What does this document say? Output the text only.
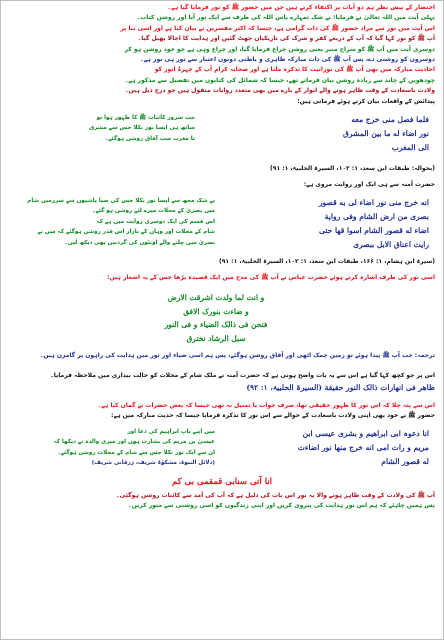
اختصار کے پیش نظر ہم دو آیات پر اکتفاء کرتے ہیں جن میں حضور ﷺ کو نور فرمایا گیا ہے۔

پہلی آیت میں اللہ تعالیٰ نے فرمایا: بے شک تمہارے پاس اللہ کی طرف سے ایک نور آیا اور روشن کتاب۔

اس آیت میں نور سے مراد حضور ﷺ کی ذات گرامی ہے، جیسا کہ اکثر مفسرین نے بیان کیا ہے اور اسی بنا پر

آپ ﷺ کو نور کہا گیا کہ آپ کے ذریعے کفر و شرک کی تاریکیاں چھٹ گئیں اور ہدایت کا اجالا پھیل گیا۔

دوسری آیت میں آپ ﷺ کو سراج منیر یعنی روشن چراغ فرمایا گیا، اور چراغ وہی ہے جو خود روشن ہو کر

دوسروں کو روشنی دے، پس آپ ﷺ کی ذات مبارکہ ظاہری و باطنی دونوں اعتبار سے نور ہی نور ہے۔

احادیث مبارکہ میں بھی آپ ﷺ کی نورانیت کا تذکرہ ملتا ہے اور صحابہ کرام آپ کے چہرۂ انور کو

چودھویں کے چاند سے زیادہ روشن بیان فرماتے تھے، جیسا کہ شمائل کی کتابوں میں تفصیل سے مذکور ہے۔

ولادت باسعادت کے وقت ظاہر ہونے والے انوار کے بارے میں بھی متعدد روایات منقول ہیں جو درج ذیل ہیں۔

پیدائش کے واقعات بیان کرتے ہوئے فرماتی ہیں:

جب سرور کائنات ﷺ کا ظہور ہوا تو
ساتھ ہی ایسا نور نکلا جس سے مشرق
تا مغرب سب آفاق روشن ہوگئے۔
فلما فصل منی خرج معه
نور اضاء له ما بین المشرق
الی المغرب

(بحوالہ: طبقات ابن سعد، ۱: ۱۰۲، السیرۃ الحلبیۃ، ۱: ۹۱)

حضرت آمنہ سے ہی ایک اور روایت مروی ہے:

بے شک مجھ سے ایسا نور نکلا جس کی ضیا پاشیوں سے سرزمین شام
میں بصریٰ کے محلات میرے لئے روشن ہو گئے۔
اس قسم کی ایک دوسری روایت میں ہے کہ
شام کے محلات اور وہاں کے بازار اس قدر روشن ہوگئے کہ میں نے
بصریٰ میں چلنے والے اونٹوں کی گردنیں بھی دیکھ لیں۔
انه خرج منی نور اضاء لی به قصور
بصری من ارض الشام وفی روایة
اضاء له قصور الشام اسوا قها حتی
رایت اعناق الابل ببصری

(سیرۃ ابن ہشام، ۱: ۱۶۶، طبقات ابن سعد، ۱: ۱۰۲، السیرۃ الحلبیۃ، ۱: ۹۱)

اسی نور کی طرف اشارہ کرتے ہوئے حضرت عباس نے آپ ﷺ کی مدح میں ایک قصیدہ پڑھا جس کے یہ اشعار ہیں:

و انت لما ولدت اشرقت الارض
و ضاءت بنورک الافق
فنحن فی ذالک الضیاء و فی النور
سبل الرشاد نخترق

ترجمہ: جب آپ ﷺ پیدا ہوئے تو زمین چمک اٹھی اور آفاق روشن ہوگئے، پس ہم اسی ضیاء اور نور میں ہدایت کی راہوں پر گامزن ہیں۔

اس پر جو کچھ کہا گیا ہے اس سے یہ بات واضح ہوتی ہے کہ حضرت آمنہ نے ملک شام کے محلات کو حالت بیداری میں ملاحظہ فرمایا۔

ظاهر فی انهارات ذالک النور حقيقة (السیرۃ الحلبیۃ، ۱: ۹۲)

اس سے پتہ چلا کہ اس نور کا ظہور حقیقی تھا، صرف خواب یا تمثیل نہ تھی جیسا کہ بعض حضرات نے گمان کیا ہے۔

حضور ﷺ نے خود بھی اپنی ولادت باسعادت کے حوالے سے اس نور کا تذکرہ فرمایا جیسا کہ حدیث مبارکہ میں ہے:

میں اپنے باپ ابراہیم کی دعا اور
عیسیٰ بن مریم کی بشارت ہوں اور میری والدہ نے دیکھا کہ
ان سے ایک نور نکلا جس سے شام کے محلات روشن ہوگئے۔
(دلائل النبوۃ، مشکوٰۃ شریف، زرقانی شریف)
انا دعوہ ابی ابراهیم و بشری عیسی ابن
مریم و رات امی انه خرج منها نور اضاءت
له قصور الشام
انا آتی سنابی قمقمی بی کم

آپ ﷺ کی ولادت کے وقت ظاہر ہونے والا یہ نور اس بات کی دلیل ہے کہ آپ کی آمد سے کائنات روشن ہوگئی۔

پس ہمیں چاہئے کہ ہم اس نور ہدایت کی پیروی کریں اور اپنی زندگیوں کو اسی روشنی سے منور کریں۔
